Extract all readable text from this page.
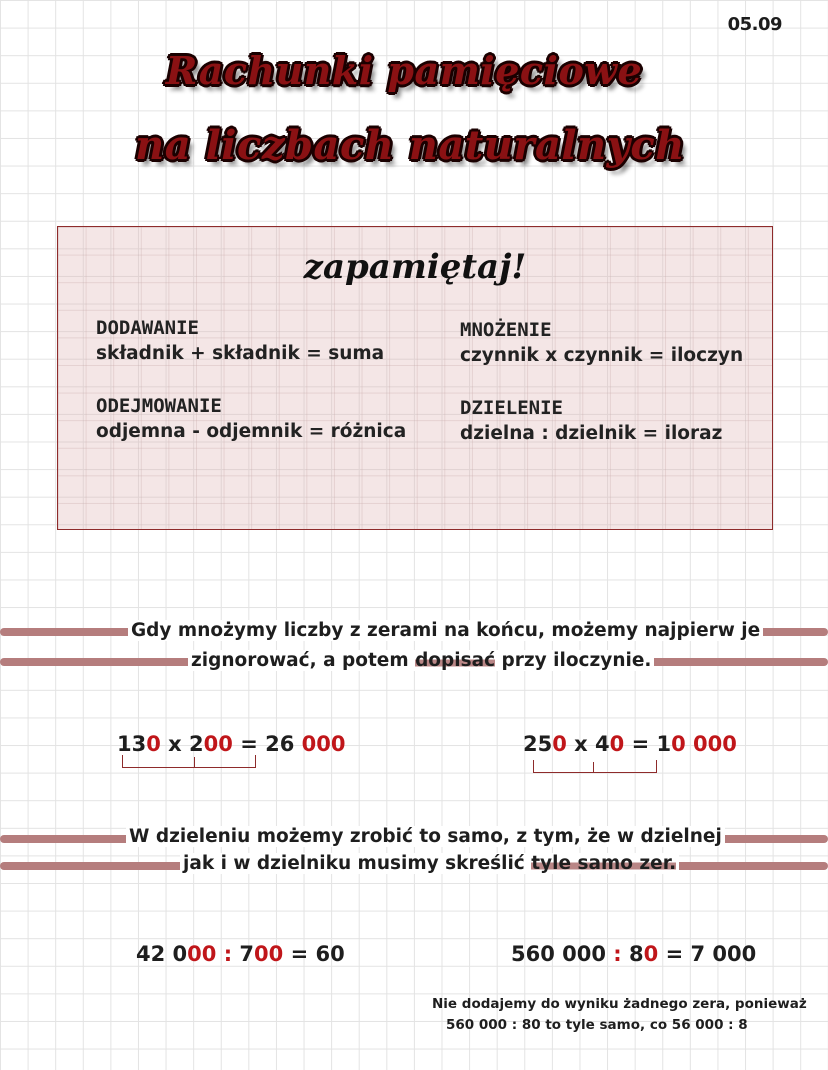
05.09
Rachunki pamięciowe
na liczbach naturalnych
zapamiętaj!
DODAWANIE
składnik + składnik = suma
MNOŻENIE
czynnik x czynnik = iloczyn
ODEJMOWANIE
odjemna - odjemnik = różnica
DZIELENIE
dzielna : dzielnik = iloraz
Gdy mnożymy liczby z zerami na końcu, możemy najpierw je
zignorować, a potem dopisać przy iloczynie.
130 x 200 = 26 000	250 x 40 = 10 000
W dzieleniu możemy zrobić to samo, z tym, że w dzielnej
jak i w dzielniku musimy skreślić tyle samo zer.
42 000 : 700 = 60	560 000 : 80 = 7 000
Nie dodajemy do wyniku żadnego zera, ponieważ
560 000 : 80 to tyle samo, co 56 000 : 8
